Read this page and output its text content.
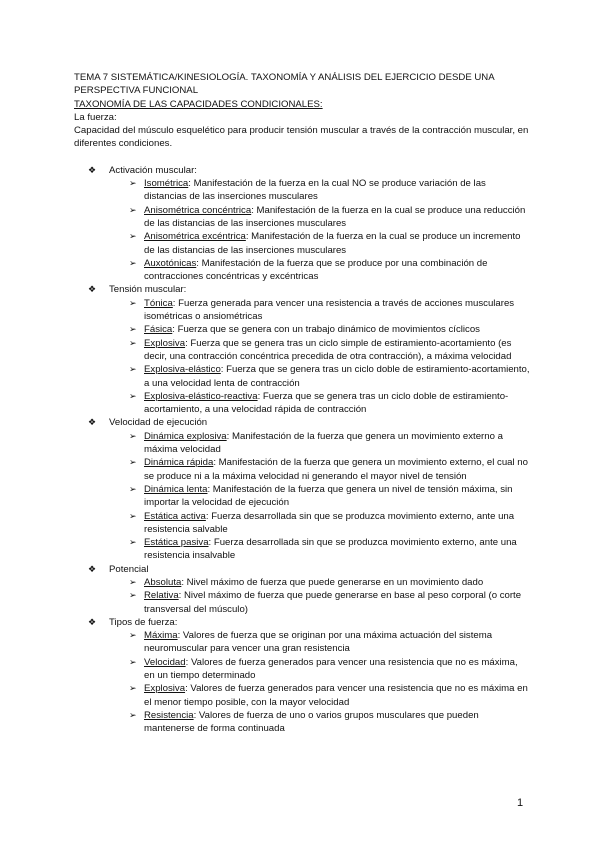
TEMA 7 SISTEMÁTICA/KINESIOLOGÍA. TAXONOMÍA Y ANÁLISIS DEL EJERCICIO DESDE UNA PERSPECTIVA FUNCIONAL
TAXONOMÍA DE LAS CAPACIDADES CONDICIONALES:
La fuerza:
Capacidad del músculo esquelético para producir tensión muscular a través de la contracción muscular, en diferentes condiciones.
❖ Activación muscular:
➢ Isométrica: Manifestación de la fuerza en la cual NO se produce variación de las distancias de las inserciones musculares
➢ Anisométrica concéntrica: Manifestación de la fuerza en la cual se produce una reducción de las distancias de las inserciones musculares
➢ Anisométrica excéntrica: Manifestación de la fuerza en la cual se produce un incremento de las distancias de las inserciones musculares
➢ Auxotónicas: Manifestación de la fuerza que se produce por una combinación de contracciones concéntricas y excéntricas
❖ Tensión muscular:
➢ Tónica: Fuerza generada para vencer una resistencia a través de acciones musculares isométricas o ansiométricas
➢ Fásica: Fuerza que se genera con un trabajo dinámico de movimientos cíclicos
➢ Explosiva: Fuerza que se genera tras un ciclo simple de estiramiento-acortamiento (es decir, una contracción concéntrica precedida de otra contracción), a máxima velocidad
➢ Explosiva-elástico: Fuerza que se genera tras un ciclo doble de estiramiento-acortamiento, a una velocidad lenta de contracción
➢ Explosiva-elástico-reactiva: Fuerza que se genera tras un ciclo doble de estiramiento-acortamiento, a una velocidad rápida de contracción
❖ Velocidad de ejecución
➢ Dinámica explosiva: Manifestación de la fuerza que genera un movimiento externo a máxima velocidad
➢ Dinámica rápida: Manifestación de la fuerza que genera un movimiento externo, el cual no se produce ni a la máxima velocidad ni generando el mayor nivel de tensión
➢ Dinámica lenta: Manifestación de la fuerza que genera un nivel de tensión máxima, sin importar la velocidad de ejecución
➢ Estática activa: Fuerza desarrollada sin que se produzca movimiento externo, ante una resistencia salvable
➢ Estática pasiva: Fuerza desarrollada sin que se produzca movimiento externo, ante una resistencia insalvable
❖ Potencial
➢ Absoluta: Nivel máximo de fuerza que puede generarse en un movimiento dado
➢ Relativa: Nivel máximo de fuerza que puede generarse en base al peso corporal (o corte transversal del músculo)
❖ Tipos de fuerza:
➢ Máxima: Valores de fuerza que se originan por una máxima actuación del sistema neuromuscular para vencer una gran resistencia
➢ Velocidad: Valores de fuerza generados para vencer una resistencia que no es máxima, en un tiempo determinado
➢ Explosiva: Valores de fuerza generados para vencer una resistencia que no es máxima en el menor tiempo posible, con la mayor velocidad
➢ Resistencia: Valores de fuerza de uno o varios grupos musculares que pueden mantenerse de forma continuada
1
